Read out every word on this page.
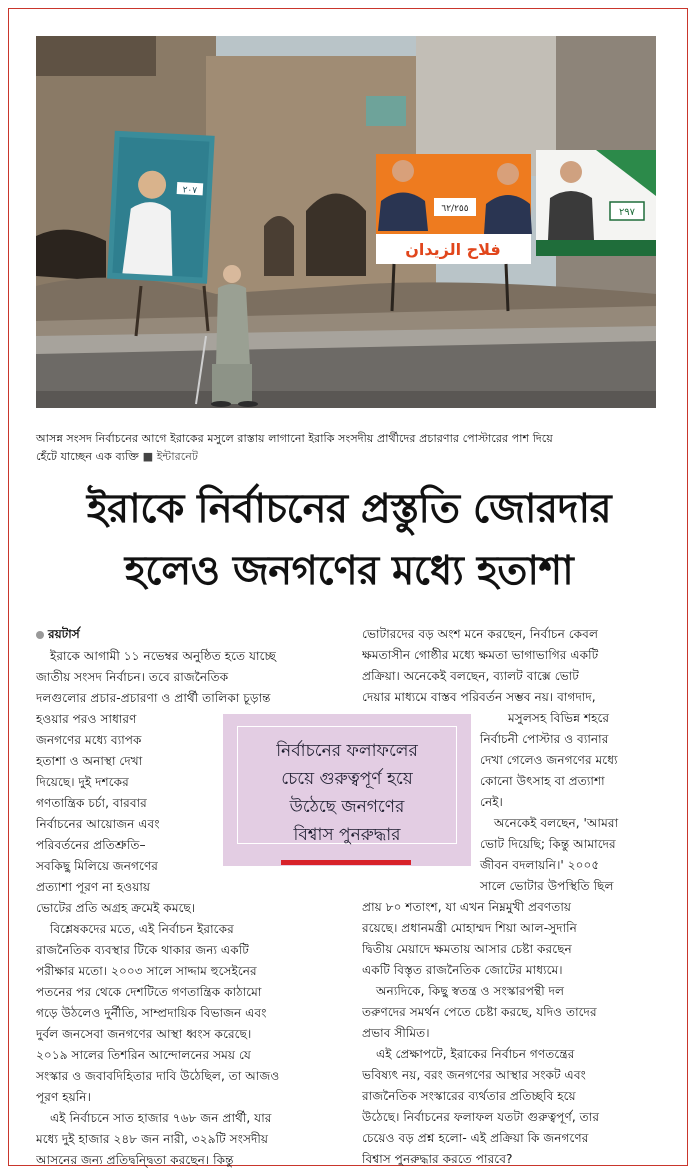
٢٠٧
٦٢/٢٥٥
فلاح الزيدان
٢٩٧
আসন্ন সংসদ নির্বাচনের আগে ইরাকের মসুলে রাস্তায় লাগানো ইরাকি সংসদীয় প্রার্থীদের প্রচারণার পোস্টারের পাশ দিয়ে
হেঁটে যাচ্ছেন এক ব্যক্তি ■ ইন্টারনেট
ইরাকে নির্বাচনের প্রস্তুতি জোরদার
হলেও জনগণের মধ্যে হতাশা
রয়টার্স
ইরাকে আগামী ১১ নভেম্বর অনুষ্ঠিত হতে যাচ্ছে
জাতীয় সংসদ নির্বাচন। তবে রাজনৈতিক
দলগুলোর প্রচার-প্রচারণা ও প্রার্থী তালিকা চূড়ান্ত
হওয়ার পরও সাধারণ
জনগণের মধ্যে ব্যাপক
হতাশা ও অনাস্থা দেখা
দিয়েছে। দুই দশকের
গণতান্ত্রিক চর্চা, বারবার
নির্বাচনের আয়োজন এবং
পরিবর্তনের প্রতিশ্রুতি–
সবকিছু মিলিয়ে জনগণের
প্রত্যাশা পূরণ না হওয়ায়
ভোটের প্রতি অগ্রহ ক্রমেই কমছে।
বিশ্লেষকদের মতে, এই নির্বাচন ইরাকের
রাজনৈতিক ব্যবস্থার টিকে থাকার জন্য একটি
পরীক্ষার মতো। ২০০৩ সালে সাদ্দাম হুসেইনের
পতনের পর থেকে দেশটিতে গণতান্ত্রিক কাঠামো
গড়ে উঠলেও দুর্নীতি, সাম্প্রদায়িক বিভাজন এবং
দুর্বল জনসেবা জনগণের আস্থা ধ্বংস করেছে।
২০১৯ সালের তিশরিন আন্দোলনের সময় যে
সংস্কার ও জবাবদিহিতার দাবি উঠেছিল, তা আজও
পূরণ হয়নি।
এই নির্বাচনে সাত হাজার ৭৬৮ জন প্রার্থী, যার
মধ্যে দুই হাজার ২৪৮ জন নারী, ৩২৯টি সংসদীয়
আসনের জন্য প্রতিদ্বন্দ্বিতা করছেন। কিন্তু
ভোটারদের বড় অংশ মনে করছেন, নির্বাচন কেবল
ক্ষমতাসীন গোষ্ঠীর মধ্যে ক্ষমতা ভাগাভাগির একটি
প্রক্রিয়া। অনেকেই বলছেন, ব্যালট বাক্সে ভোট
দেয়ার মাধ্যমে বাস্তব পরিবর্তন সম্ভব নয়। বাগদাদ,
মসুলসহ বিভিন্ন শহরে
নির্বাচনী পোস্টার ও ব্যানার
দেখা গেলেও জনগণের মধ্যে
কোনো উৎসাহ বা প্রত্যাশা
নেই।
অনেকেই বলছেন, 'আমরা
ভোট দিয়েছি; কিন্তু আমাদের
জীবন বদলায়নি।' ২০০৫
সালে ভোটার উপস্থিতি ছিল
প্রায় ৮০ শতাংশ, যা এখন নিম্নমুখী প্রবণতায়
রয়েছে। প্রধানমন্ত্রী মোহাম্মদ শিয়া আল-সুদানি
দ্বিতীয় মেয়াদে ক্ষমতায় আসার চেষ্টা করছেন
একটি বিস্তৃত রাজনৈতিক জোটের মাধ্যমে।
অন্যদিকে, কিছু স্বতন্ত্র ও সংস্কারপন্থী দল
তরুণদের সমর্থন পেতে চেষ্টা করছে, যদিও তাদের
প্রভাব সীমিত।
এই প্রেক্ষাপটে, ইরাকের নির্বাচন গণতন্ত্রের
ভবিষ্যৎ নয়, বরং জনগণের আস্থার সংকট এবং
রাজনৈতিক সংস্কারের ব্যর্থতার প্রতিচ্ছবি হয়ে
উঠেছে। নির্বাচনের ফলাফল যতটা গুরুত্বপূর্ণ, তার
চেয়েও বড় প্রশ্ন হলো- এই প্রক্রিয়া কি জনগণের
বিশ্বাস পুনরুদ্ধার করতে পারবে?
নির্বাচনের ফলাফলের
চেয়ে গুরুত্বপূর্ণ হয়ে
উঠেছে জনগণের
বিশ্বাস পুনরুদ্ধার
